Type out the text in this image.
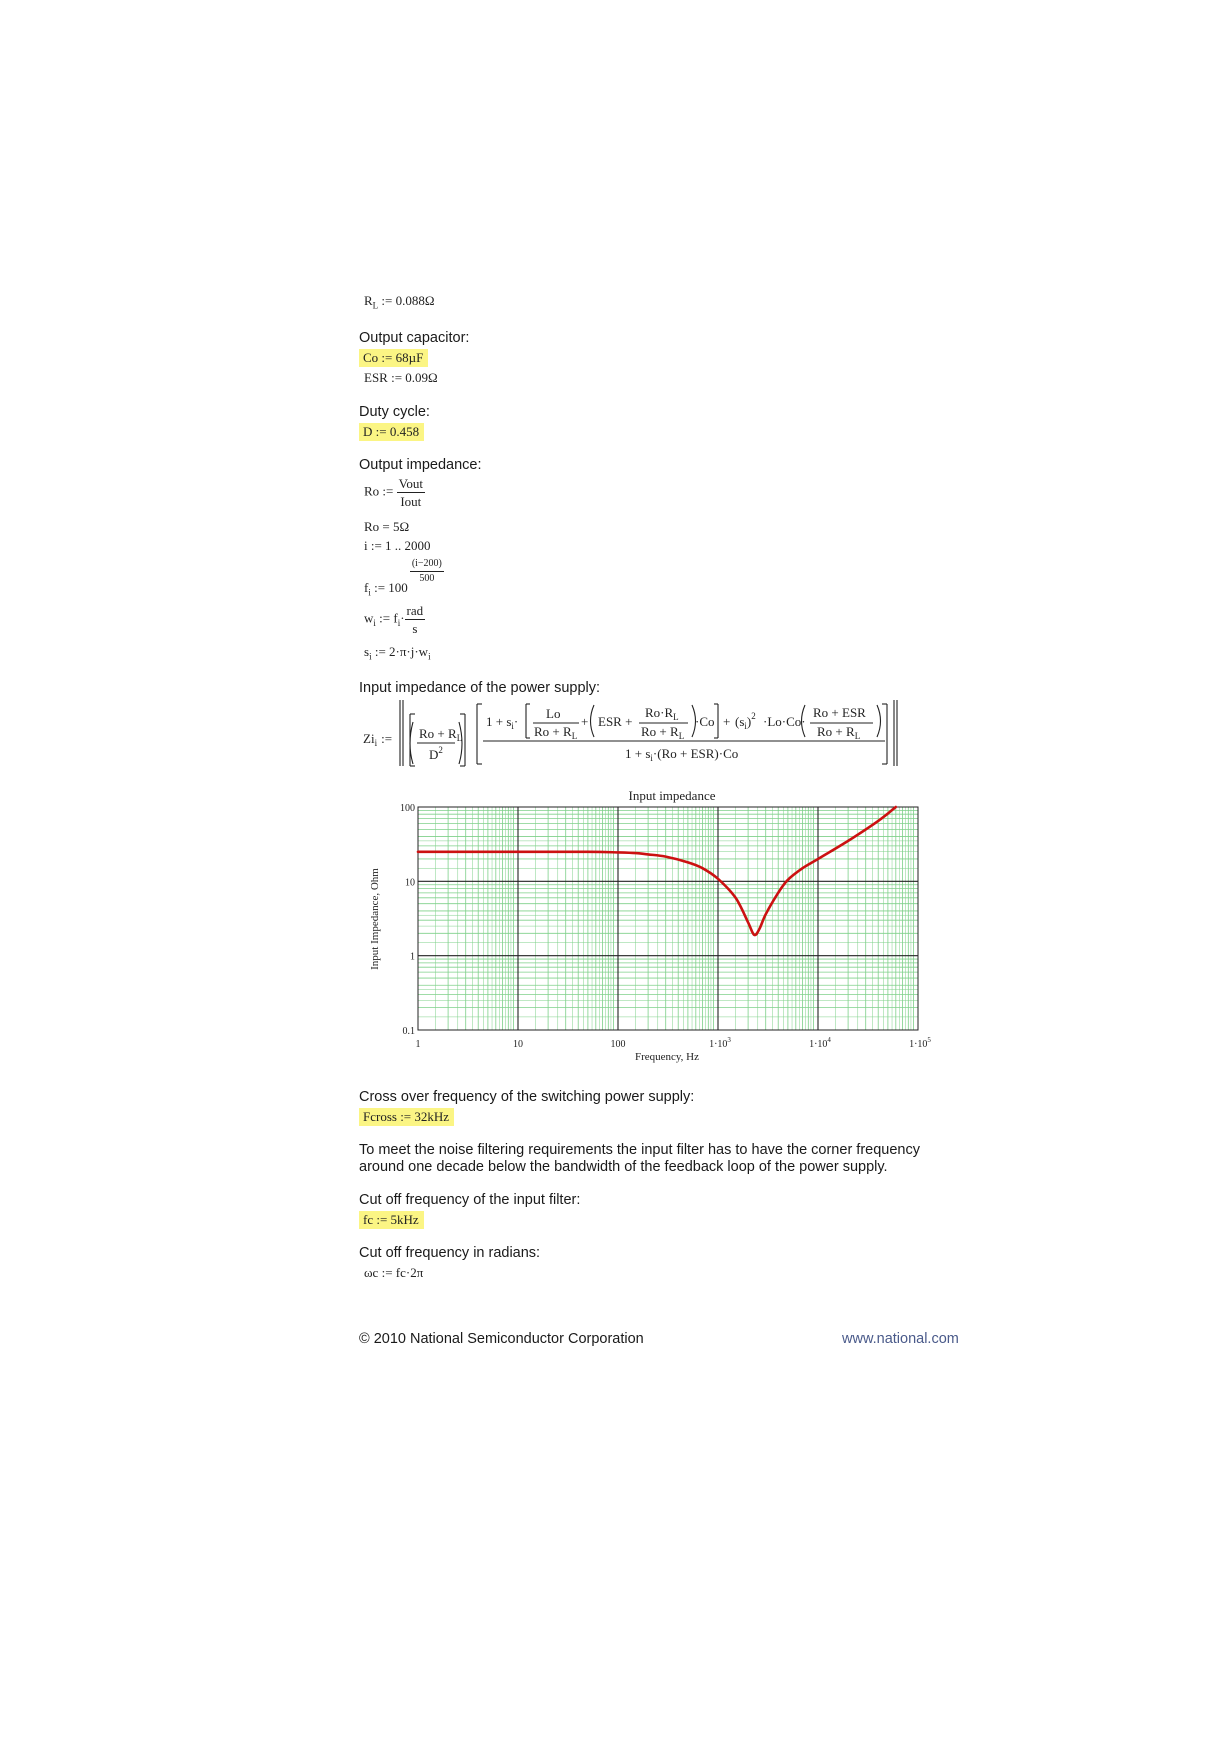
$R_L$ := 0.088Ω
Output capacitor:
Co := 68µF
ESR := 0.09Ω
Duty cycle:
D := 0.458
Output impedance:
Ro := $\frac{\text{Vout}}{\text{Iout}}$
Ro = 5Ω
i := 1 .. 2000
$f_i$ := 100
$\frac{(i-200)}{500}$
$w_i$ := $f_i\cdot \frac{\text{rad}}{s}$
$s_i$ := $2\cdot\pi\cdot j\cdot w_i$
Input impedance of the power supply:
$Zi_i$ := $Ro + R_L$
$D^2$
$1 + s_i\cdot$
Lo
$Ro + R_L$
+ ESR +
$Ro\cdot R_L$
$Ro + R_L$
$\cdot Co + (s_i)^2 \cdot Lo\cdot Co\cdot$
Ro + ESR
$Ro + R_L$
$1 + s_i\cdot(Ro + ESR)\cdot Co$
Input impedance
100
10
1
0.1
1	10	100	$1\cdot 10^3$	$1\cdot 10^4$	$1\cdot 10^5$
Frequency, Hz
Input Impedance, Ohm
Cross over frequency of the switching power supply:
Fcross := 32kHz
To meet the noise filtering requirements the input filter has to have the corner frequency around one decade below the bandwidth of the feedback loop of the power supply.
Cut off frequency of the input filter:
fc := 5kHz
Cut off frequency in radians:
ωc := fc·2π
© 2010 National Semiconductor Corporation	www.national.com
